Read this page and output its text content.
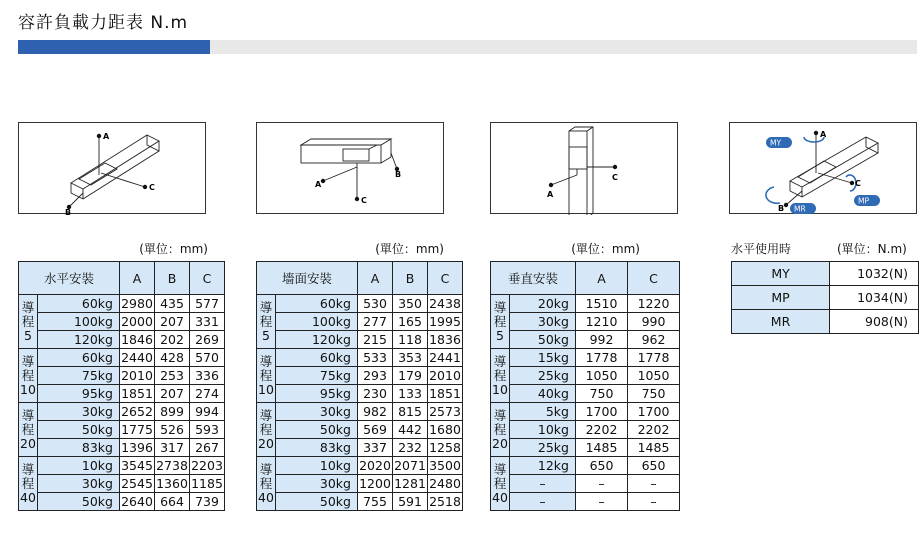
容許負載力距表 N.m
A
B
C	A
B
C
A
C
MY
A
C
MP
B MR
(單位：mm)	(單位：mm)	(單位：mm)
水平安裝		A	B	C
導
程
5	60kg	2980	435	577
	100kg	2000	207	331
	120kg	1846	202	269
導
程
10	60kg	2440	428	570
	75kg	2010	253	336
	95kg	1851	207	274
導
程
20	30kg	2652	899	994
	50kg	1775	526	593
	83kg	1396	317	267
導
程
40	10kg	3545	2738	2203
	30kg	2545	1360	1185
	50kg	2640	664	739
墻面安裝		A	B	C
導
程
5	60kg	530	350	2438
	100kg	277	165	1995
	120kg	215	118	1836
導
程
10	60kg	533	353	2441
	75kg	293	179	2010
	95kg	230	133	1851
導
程
20	30kg	982	815	2573
	50kg	569	442	1680
	83kg	337	232	1258
導
程
40	10kg	2020	2071	3500
	30kg	1200	1281	2480
	50kg	755	591	2518
垂直安裝		A	C
導
程
5	20kg	1510	1220
	30kg	1210	990
	50kg	992	962
導
程
10	15kg	1778	1778
	25kg	1050	1050
	40kg	750	750
導
程
20	5kg	1700	1700
	10kg	2202	2202
	25kg	1485	1485
導
程
40	12kg	650	650
	–	–	–
	–	–	–
水平使用時	(單位：N.m)
MY	1032(N)
MP	1034(N)
MR	908(N)
